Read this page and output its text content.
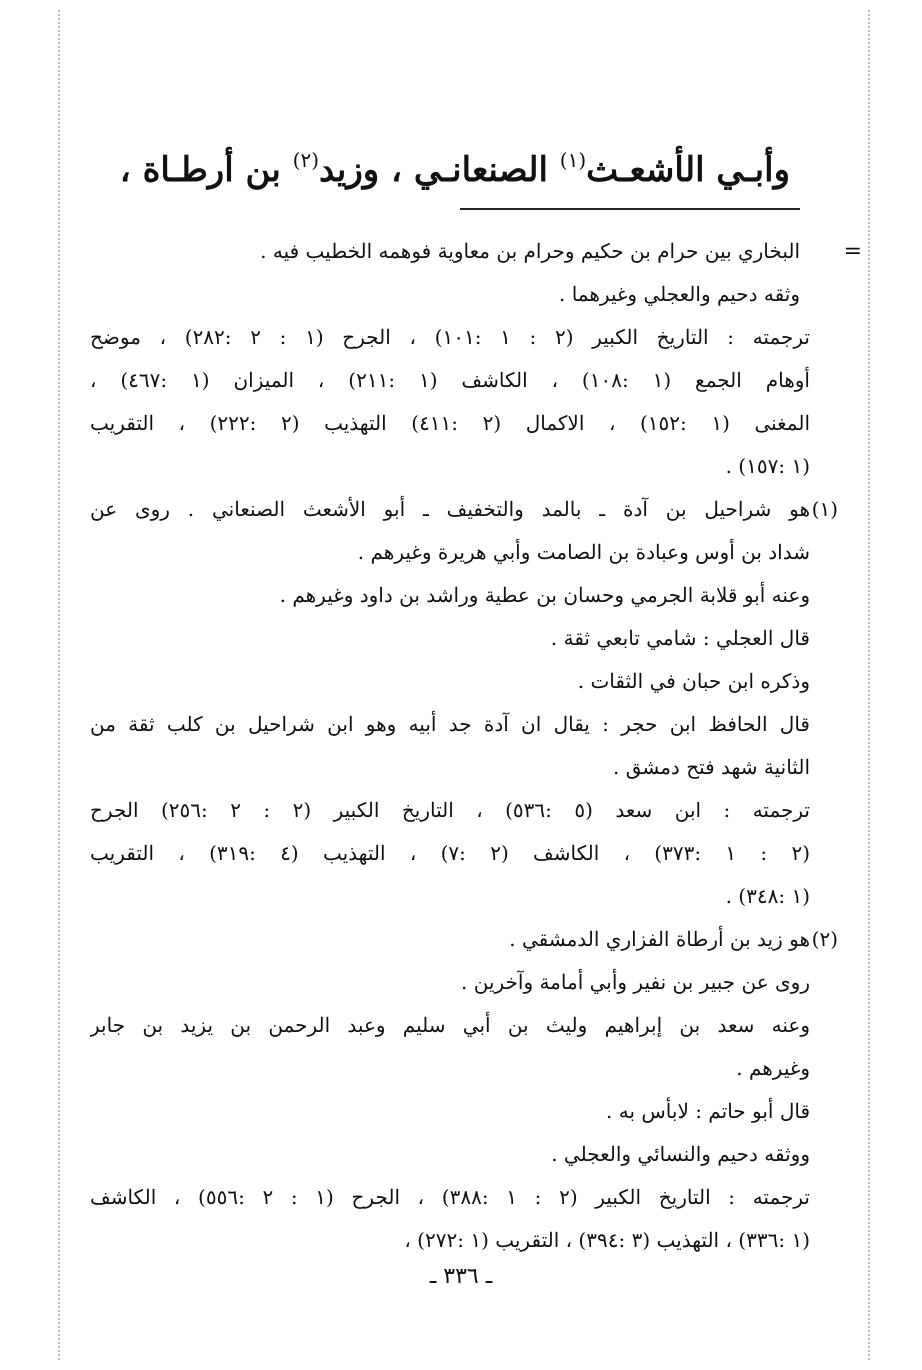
وأبـي الأشعـث$^{(١)}$ الصنعانـي ، وزيد$^{(٢)}$ بن أرطـاة ،
=
البخاري بين حرام بن حكيم وحرام بن معاوية فوهمه الخطيب فيه .
وثقه دحيم والعجلي وغيرهما .
ترجمته : التاريخ الكبير (٢ : ١ :١٠١) ، الجرح (١ : ٢ :٢٨٢) ، موضح
أوهام الجمع (١ :١٠٨) ، الكاشف (١ :٢١١) ، الميزان (١ :٤٦٧) ،
المغنى (١ :١٥٢) ، الاكمال (٢ :٤١١) التهذيب (٢ :٢٢٢) ، التقريب
(١ :١٥٧) .
(١)
هو شراحيل بن آدة ـ بالمد والتخفيف ـ أبو الأشعث الصنعاني . روى عن
شداد بن أوس وعبادة بن الصامت وأبي هريرة وغيرهم .
وعنه أبو قلابة الجرمي وحسان بن عطية وراشد بن داود وغيرهم .
قال العجلي : شامي تابعي ثقة .
وذكره ابن حبان في الثقات .
قال الحافظ ابن حجر : يقال ان آدة جد أبيه وهو ابن شراحيل بن كلب ثقة من
الثانية شهد فتح دمشق .
ترجمته : ابن سعد (٥ :٥٣٦) ، التاريخ الكبير (٢ : ٢ :٢٥٦) الجرح
(٢ : ١ :٣٧٣) ، الكاشف (٢ :٧) ، التهذيب (٤ :٣١٩) ، التقريب
(١ :٣٤٨) .
(٢)
هو زيد بن أرطاة الفزاري الدمشقي .
روى عن جبير بن نفير وأبي أمامة وآخرين .
وعنه سعد بن إبراهيم وليث بن أبي سليم وعبد الرحمن بن يزيد بن جابر
وغيرهم .
قال أبو حاتم : لابأس به .
ووثقه دحيم والنسائي والعجلي .
ترجمته : التاريخ الكبير (٢ : ١ :٣٨٨) ، الجرح (١ : ٢ :٥٥٦) ، الكاشف
(١ :٣٣٦) ، التهذيب (٣ :٣٩٤) ، التقريب (١ :٢٧٢) ،
ـ ٣٣٦ ـ
